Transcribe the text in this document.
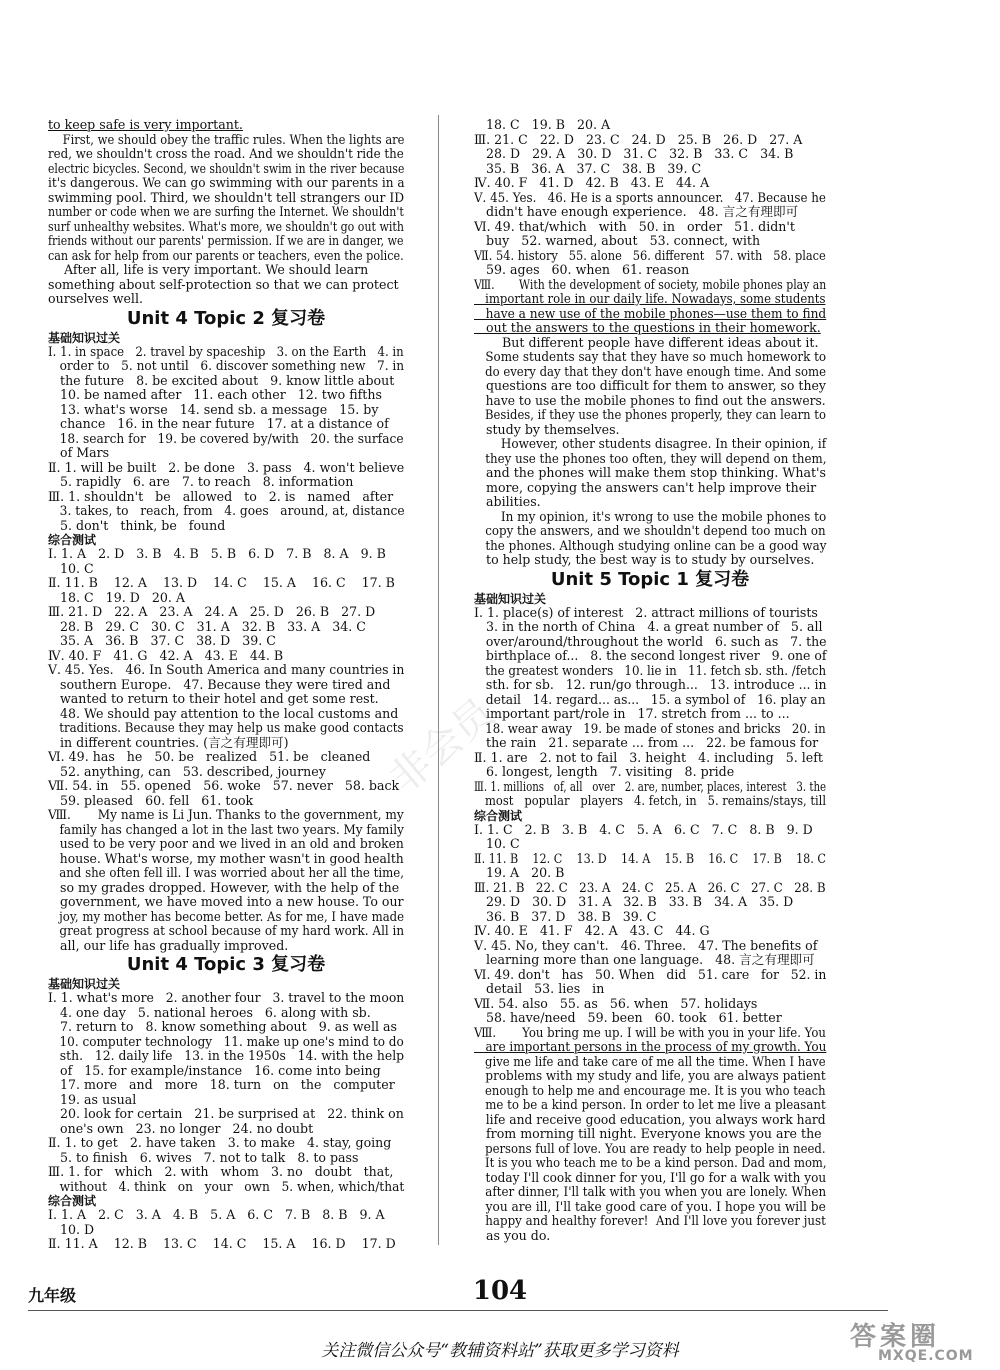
to keep safe is very important.
First, we should obey the traffic rules. When the lights are
red, we shouldn't cross the road. And we shouldn't ride the
electric bicycles. Second, we shouldn't swim in the river because
it's dangerous. We can go swimming with our parents in a
swimming pool. Third, we shouldn't tell strangers our ID
number or code when we are surfing the Internet. We shouldn't
surf unhealthy websites. What's more, we shouldn't go out with
friends without our parents' permission. If we are in danger, we
can ask for help from our parents or teachers, even the police.
After all, life is very important. We should learn
something about self-protection so that we can protect
ourselves well.
Unit 4 Topic 2 复习卷
基础知识过关
Ⅰ. 1. in space   2. travel by spaceship   3. on the Earth   4. in
order to   5. not until   6. discover something new   7. in
the future   8. be excited about   9. know little about
10. be named after   11. each other   12. two fifths
13. what's worse   14. send sb. a message   15. by
chance   16. in the near future   17. at a distance of
18. search for   19. be covered by/with   20. the surface
of Mars
Ⅱ. 1. will be built   2. be done   3. pass   4. won't believe
5. rapidly   6. are   7. to reach   8. information
Ⅲ. 1. shouldn't   be   allowed   to   2. is   named   after
3. takes, to   reach, from   4. goes   around, at, distance
5. don't   think, be   found
综合测试
Ⅰ. 1. A   2. D   3. B   4. B   5. B   6. D   7. B   8. A   9. B
10. C
Ⅱ. 11. B    12. A    13. D    14. C    15. A    16. C    17. B
18. C   19. D   20. A
Ⅲ. 21. D   22. A   23. A   24. A   25. D   26. B   27. D
28. B   29. C   30. C   31. A   32. B   33. A   34. C
35. A   36. B   37. C   38. D   39. C
Ⅳ. 40. F   41. G   42. A   43. E   44. B
Ⅴ. 45. Yes.   46. In South America and many countries in
southern Europe.   47. Because they were tired and
wanted to return to their hotel and get some rest.
48. We should pay attention to the local customs and
traditions. Because they may help us make good contacts
in different countries. (言之有理即可)
Ⅵ. 49. has   he   50. be   realized   51. be   cleaned
52. anything, can   53. described, journey
Ⅶ. 54. in   55. opened   56. woke   57. never   58. back
59. pleased   60. fell   61. took
Ⅷ.       My name is Li Jun. Thanks to the government, my
family has changed a lot in the last two years. My family
used to be very poor and we lived in an old and broken
house. What's worse, my mother wasn't in good health
and she often fell ill. I was worried about her all the time,
so my grades dropped. However, with the help of the
government, we have moved into a new house. To our
joy, my mother has become better. As for me, I have made
great progress at school because of my hard work. All in
all, our life has gradually improved.
Unit 4 Topic 3 复习卷
基础知识过关
Ⅰ. 1. what's more   2. another four   3. travel to the moon
4. one day   5. national heroes   6. along with sb.
7. return to   8. know something about   9. as well as
10. computer technology   11. make up one's mind to do
sth.   12. daily life   13. in the 1950s   14. with the help
of   15. for example/instance   16. come into being
17. more   and   more   18. turn   on   the   computer
19. as usual
20. look for certain   21. be surprised at   22. think on
one's own   23. no longer   24. no doubt
Ⅱ. 1. to get   2. have taken   3. to make   4. stay, going
5. to finish   6. wives   7. not to talk   8. to pass
Ⅲ. 1. for   which   2. with   whom   3. no   doubt   that,
without   4. think   on   your   own   5. when, which/that
综合测试
Ⅰ. 1. A   2. C   3. A   4. B   5. A   6. C   7. B   8. B   9. A
10. D
Ⅱ. 11. A    12. B    13. C    14. C    15. A    16. D    17. D
18. C   19. B   20. A
Ⅲ. 21. C   22. D   23. C   24. D   25. B   26. D   27. A
28. D   29. A   30. D   31. C   32. B   33. C   34. B
35. B   36. A   37. C   38. B   39. C
Ⅳ. 40. F   41. D   42. B   43. E   44. A
Ⅴ. 45. Yes.   46. He is a sports announcer.   47. Because he
didn't have enough experience.   48. 言之有理即可
Ⅵ. 49. that/which   with   50. in   order   51. didn't
buy   52. warned, about   53. connect, with
Ⅶ. 54. history   55. alone   56. different   57. with   58. place
59. ages   60. when   61. reason
Ⅷ.       With the development of society, mobile phones play an
important role in our daily life. Nowadays, some students
have a new use of the mobile phones—use them to find
out the answers to the questions in their homework.
But different people have different ideas about it.
Some students say that they have so much homework to
do every day that they don't have enough time. And some
questions are too difficult for them to answer, so they
have to use the mobile phones to find out the answers.
Besides, if they use the phones properly, they can learn to
study by themselves.
However, other students disagree. In their opinion, if
they use the phones too often, they will depend on them,
and the phones will make them stop thinking. What's
more, copying the answers can't help improve their
abilities.
In my opinion, it's wrong to use the mobile phones to
copy the answers, and we shouldn't depend too much on
the phones. Although studying online can be a good way
to help study, the best way is to study by ourselves.
Unit 5 Topic 1 复习卷
基础知识过关
Ⅰ. 1. place(s) of interest   2. attract millions of tourists
3. in the north of China   4. a great number of   5. all
over/around/throughout the world   6. such as   7. the
birthplace of...   8. the second longest river   9. one of
the greatest wonders   10. lie in   11. fetch sb. sth. /fetch
sth. for sb.   12. run/go through...   13. introduce ... in
detail   14. regard... as...   15. a symbol of   16. play an
important part/role in   17. stretch from ... to ...
18. wear away   19. be made of stones and bricks   20. in
the rain   21. separate ... from ...   22. be famous for
Ⅱ. 1. are   2. not to fail   3. height   4. including   5. left
6. longest, length   7. visiting   8. pride
Ⅲ. 1. millions   of, all   over   2. are, number, places, interest   3. the
most   popular   players   4. fetch, in   5. remains/stays, till
综合测试
Ⅰ. 1. C   2. B   3. B   4. C   5. A   6. C   7. C   8. B   9. D
10. C
Ⅱ. 11. B    12. C    13. D    14. A    15. B    16. C    17. B    18. C
19. A   20. B
Ⅲ. 21. B   22. C   23. A   24. C   25. A   26. C   27. C   28. B
29. D   30. D   31. A   32. B   33. B   34. A   35. D
36. B   37. D   38. B   39. C
Ⅳ. 40. E   41. F   42. A   43. C   44. G
Ⅴ. 45. No, they can't.   46. Three.   47. The benefits of
learning more than one language.   48. 言之有理即可
Ⅵ. 49. don't   has   50. When   did   51. care   for   52. in
detail   53. lies   in
Ⅶ. 54. also   55. as   56. when   57. holidays
58. have/need   59. been   60. took   61. better
Ⅷ.       You bring me up. I will be with you in your life. You
are important persons in the process of my growth. You
give me life and take care of me all the time. When I have
problems with my study and life, you are always patient
enough to help me and encourage me. It is you who teach
me to be a kind person. In order to let me live a pleasant
life and receive good education, you always work hard
from morning till night. Everyone knows you are the
persons full of love. You are ready to help people in need.
It is you who teach me to be a kind person. Dad and mom,
today I'll cook dinner for you, I'll go for a walk with you
after dinner, I'll talk with you when you are lonely. When
you are ill, I'll take good care of you. I hope you will be
happy and healthy forever!  And I'll love you forever just
as you do.
非会员
九年级	104
关注微信公众号“教辅资料站”获取更多学习资料	答案圈
MXQE.COM
